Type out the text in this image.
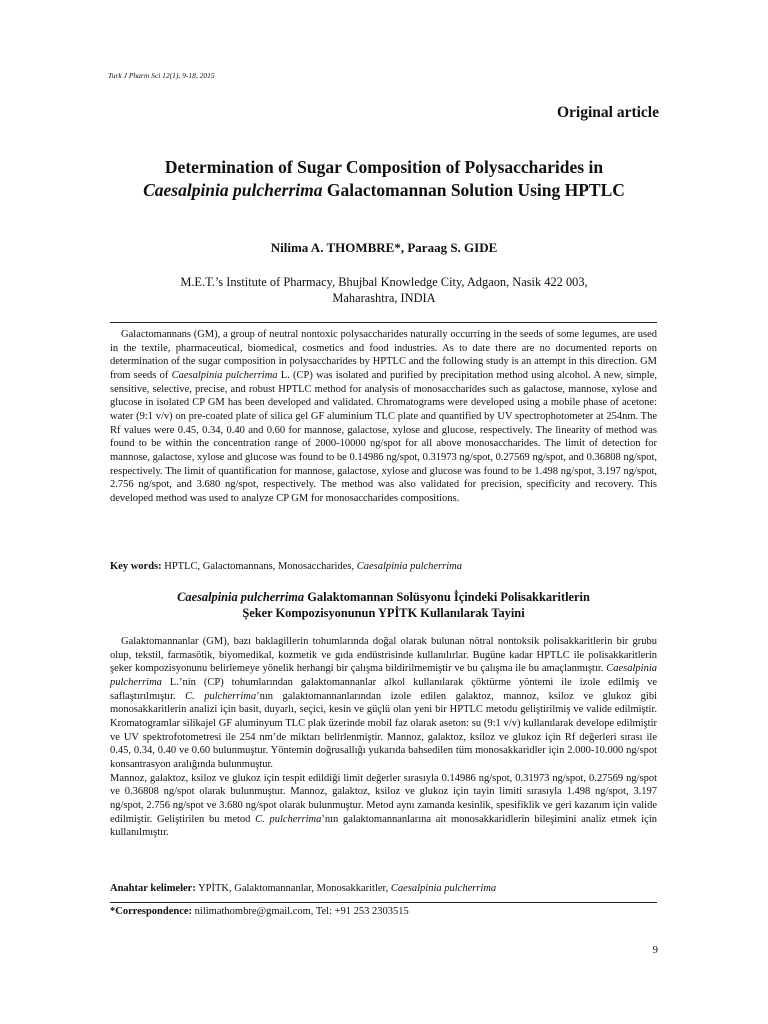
Turk J Pharm Sci 12(1), 9-18, 2015
Original article
Determination of Sugar Composition of Polysaccharides in
Caesalpinia pulcherrima Galactomannan Solution Using HPTLC
Nilima A. THOMBRE*, Paraag S. GIDE
M.E.T.’s Institute of Pharmacy, Bhujbal Knowledge City, Adgaon, Nasik 422 003, Maharashtra, INDIA

Galactomannans (GM), a group of neutral nontoxic polysaccharides naturally occurring in the seeds of some legumes, are used in the textile, pharmaceutical, biomedical, cosmetics and food industries. As to date there are no documented reports on determination of the sugar composition in polysaccharides by HPTLC and the following study is an attempt in this direction. GM from seeds of Caesalpinia pulcherrima L. (CP) was isolated and purified by precipitation method using alcohol. A new, simple, sensitive, selective, precise, and robust HPTLC method for analysis of monosaccharides such as galactose, mannose, xylose and glucose in isolated CP GM has been developed and validated. Chromatograms were developed using a mobile phase of acetone: water (9:1 v/v) on pre-coated plate of silica gel GF aluminium TLC plate and quantified by UV spectrophotometer at 254nm. The Rf values were 0.45, 0.34, 0.40 and 0.60 for mannose, galactose, xylose and glucose, respectively. The linearity of method was found to be within the concentration range of 2000-10000 ng/spot for all above monosaccharides. The limit of detection for mannose, galactose, xylose and glucose was found to be 0.14986 ng/spot, 0.31973 ng/spot, 0.27569 ng/spot, and 0.36808 ng/spot, respectively. The limit of quantification for mannose, galactose, xylose and glucose was found to be 1.498 ng/spot, 3.197 ng/spot, 2.756 ng/spot, and 3.680 ng/spot, respectively. The method was also validated for precision, specificity and recovery. This developed method was used to analyze CP GM for monosaccharides compositions.

Key words: HPTLC, Galactomannans, Monosaccharides, Caesalpinia pulcherrima
Caesalpinia pulcherrima Galaktomannan Solüsyonu İçindeki Polisakkaritlerin
Şeker Kompozisyonunun YPİTK Kullanılarak Tayini

Galaktomannanlar (GM), bazı baklagillerin tohumlarında doğal olarak bulunan nötral nontoksik polisakkaritlerin bir grubu olup, tekstil, farmasötik, biyomedikal, kozmetik ve gıda endüstrisinde kullanılırlar. Bugüne kadar HPTLC ile polisakkaritlerin şeker kompozisyonunu belirlemeye yönelik herhangi bir çalışma bildirilmemiştir ve bu çalışma ile bu amaçlanmıştır. Caesalpinia pulcherrima L.’nin (CP) tohumlarından galaktomannanlar alkol kullanılarak çöktürme yöntemi ile izole edilmiş ve saflaştırılmıştır. C. pulcherrima’nın galaktomannanlarından izole edilen galaktoz, mannoz, ksiloz ve glukoz gibi monosakkaritlerin analizi için basit, duyarlı, seçici, kesin ve güçlü olan yeni bir HPTLC metodu geliştirilmiş ve valide edilmiştir. Kromatogramlar silikajel GF aluminyum TLC plak üzerinde mobil faz olarak aseton: su (9:1 v/v) kullanılarak develope edilmiştir ve UV spektrofotometresi ile 254 nm’de miktarı belirlenmiştir. Mannoz, galaktoz, ksiloz ve glukoz için Rf değerleri sırası ile 0.45, 0.34, 0.40 ve 0.60 bulunmuştur. Yöntemin doğrusallığı yukarıda bahsedilen tüm monosakkaridler için 2.000-10.000 ng/spot konsantrasyon aralığında bulunmuştur.

Mannoz, galaktoz, ksiloz ve glukoz için tespit edildiği limit değerler sırasıyla 0.14986 ng/spot, 0.31973 ng/spot, 0.27569 ng/spot ve 0.36808 ng/spot olarak bulunmuştur. Mannoz, galaktoz, ksiloz ve glukoz için tayin limiti sırasıyla 1.498 ng/spot, 3.197 ng/spot, 2.756 ng/spot ve 3.680 ng/spot olarak bulunmuştur. Metod aynı zamanda kesinlik, spesifiklik ve geri kazanım için valide edilmiştir. Geliştirilen bu metod C. pulcherrima’nın galaktomannanlarına ait monosakkaridlerin bileşimini analiz etmek için kullanılmıştır.

Anahtar kelimeler: YPİTK, Galaktomannanlar, Monosakkaritler, Caesalpinia pulcherrima
*Correspondence: nilimathombre@gmail.com, Tel: +91 253 2303515
9
